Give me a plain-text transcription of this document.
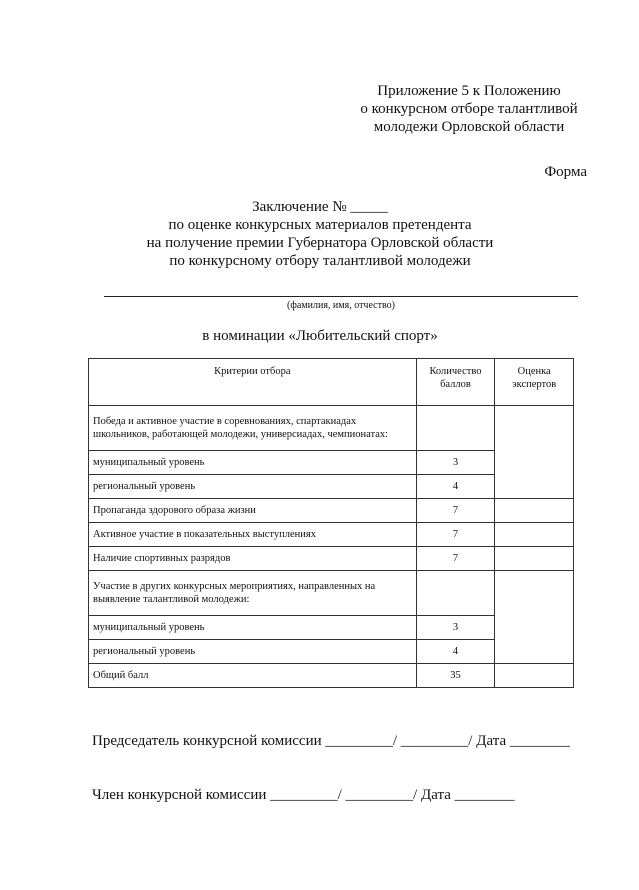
Приложение 5 к Положению
о конкурсном отборе талантливой
молодежи Орловской области
Форма
Заключение № _____
по оценке конкурсных материалов претендента
на получение премии Губернатора Орловской области
по конкурсному отбору талантливой молодежи
(фамилия, имя, отчество)
в номинации «Любительский спорт»
Критерии отбора	Количество баллов	Оценка экспертов
Победа и активное участие в соревнованиях, спартакиадах школьников, работающей молодежи, универсиадах, чемпионатах:		
муниципальный уровень	3	
региональный уровень	4	
Пропаганда здорового образа жизни	7	
Активное участие в показательных выступлениях	7	
Наличие спортивных разрядов	7	
Участие в других конкурсных мероприятиях, направленных на выявление талантливой молодежи:		
муниципальный уровень	3	
региональный уровень	4	
Общий балл	35	

Председатель конкурсной комиссии _________/ _________/ Дата ________

Член конкурсной комиссии _________/ _________/ Дата ________
